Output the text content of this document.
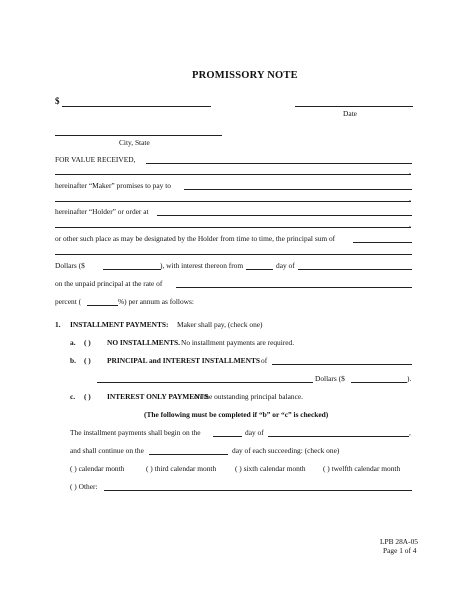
PROMISSORY NOTE
$
Date
City, State
FOR VALUE RECEIVED,
,
hereinafter “Maker” promises to pay to
,
hereinafter “Holder” or order at
,
or other such place as may be designated by the Holder from time to time, the principal sum of
Dollars ($	), with interest thereon from	day of
on the unpaid principal at the rate of
percent (	%) per annum as follows:
1. INSTALLMENT PAYMENTS: Maker shall pay, (check one)
a. ( ) NO INSTALLMENTS. No installment payments are required.
b. ( ) PRINCIPAL and INTEREST INSTALLMENTS of
Dollars ($	).
c. ( ) INTEREST ONLY PAYMENTS
on the outstanding principal balance.
(The following must be completed if “b” or “c” is checked)
The installment payments shall begin on the	day of	,
and shall continue on the	day of each succeeding: (check one)
( ) calendar month	( ) third calendar month	( ) sixth calendar month ( ) twelfth calendar month
( ) Other:
LPB 28A-05
Page 1 of 4
